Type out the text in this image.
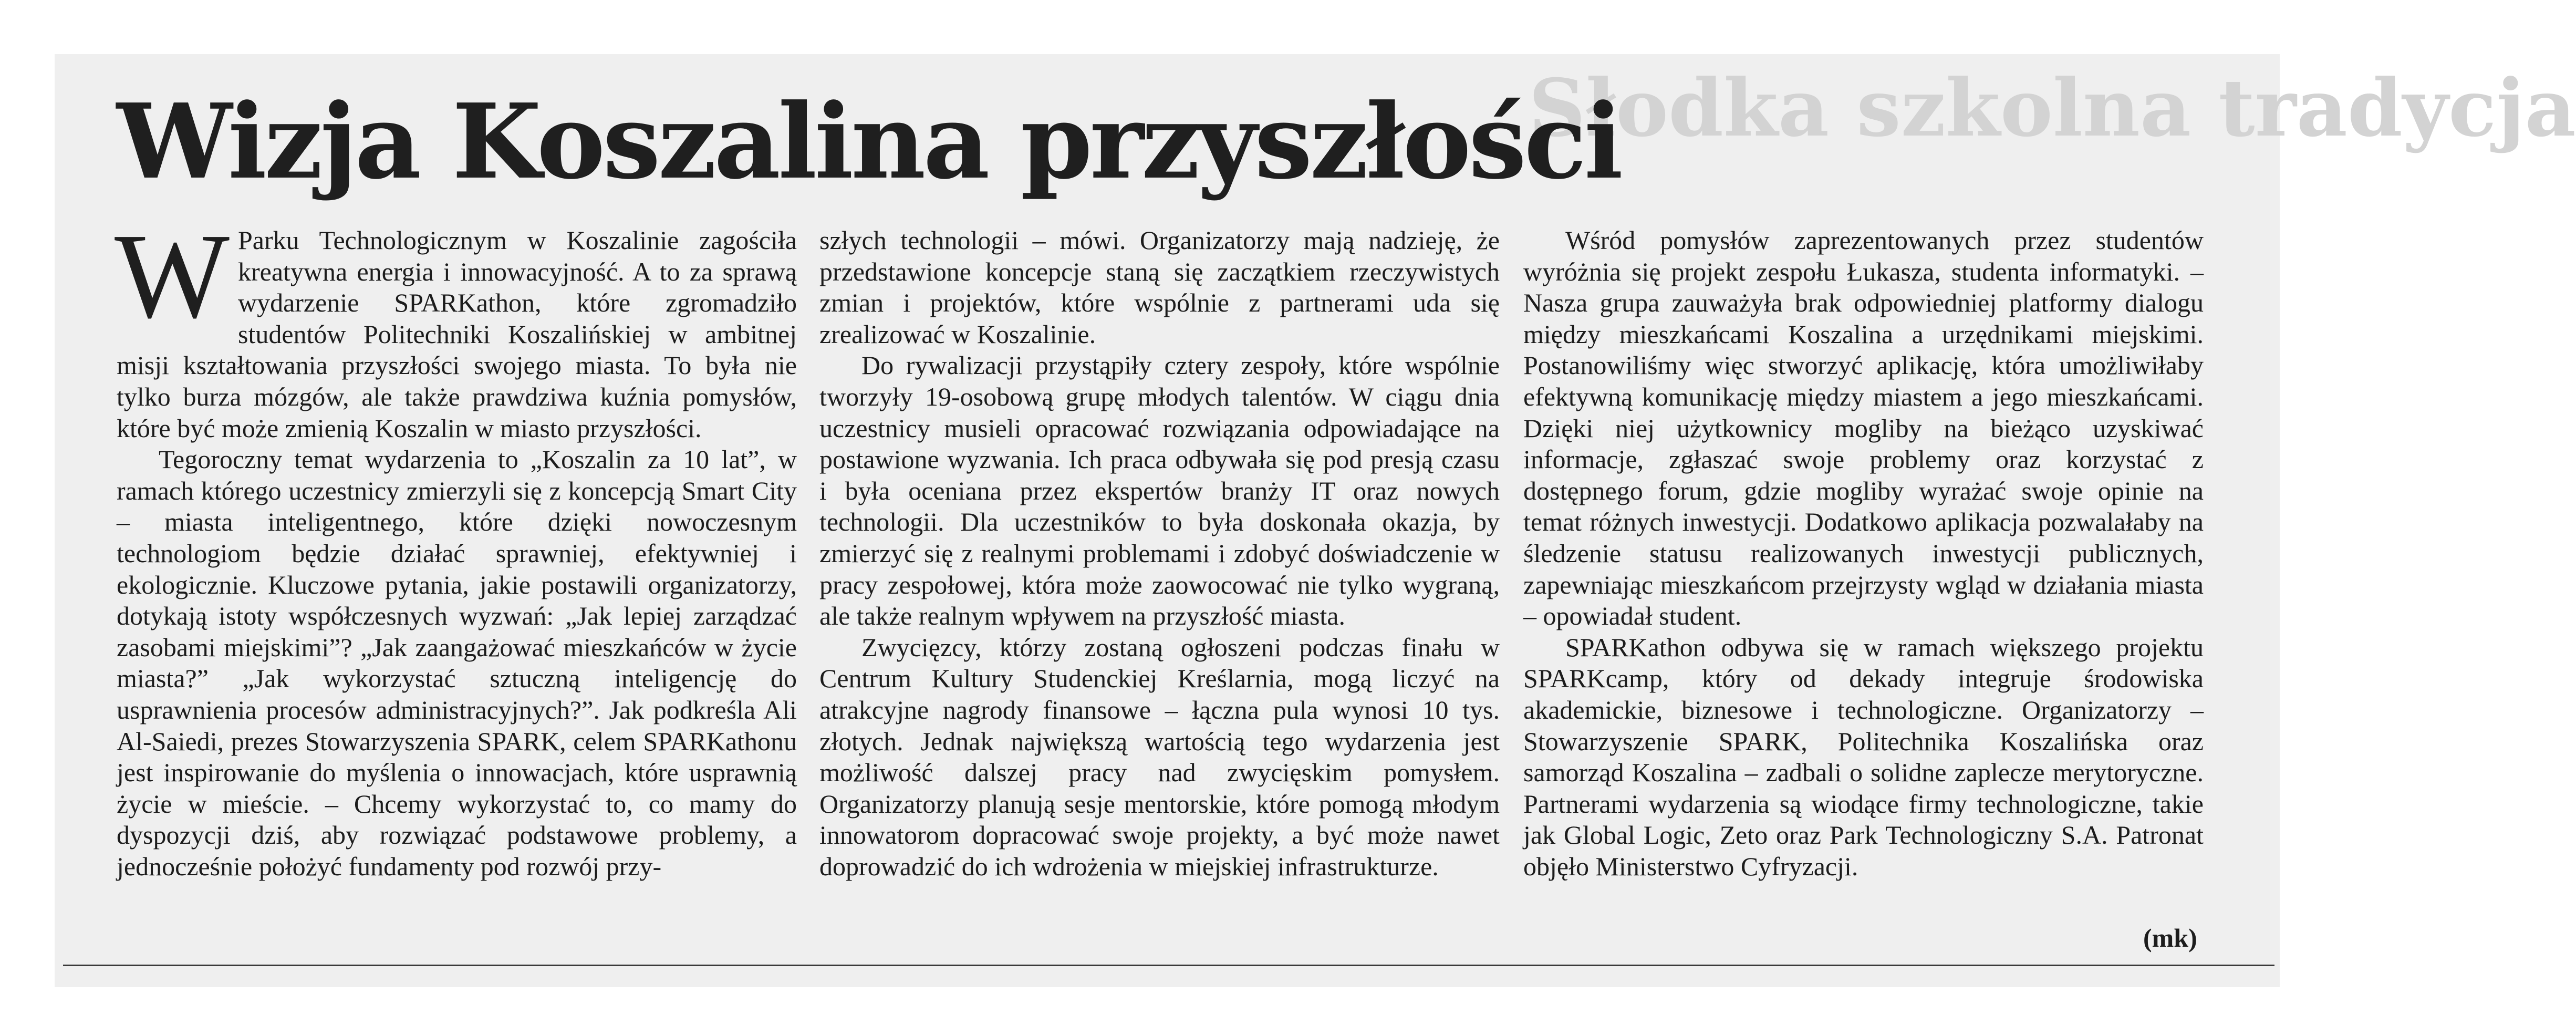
Słodka szkolna tradycja
Wizja Koszalina przyszłości

W Parku Technologicznym w Koszalinie zagościła kreatywna energia i innowacyjność. A to za sprawą wydarzenie SPARKathon, które zgromadziło studentów Politechniki Koszalińskiej w ambitnej misji kształtowania przyszłości swojego miasta. To była nie tylko burza mózgów, ale także prawdziwa kuźnia pomysłów, które być może zmienią Koszalin w miasto przyszłości.

Tegoroczny temat wydarzenia to „Koszalin za 10 lat”, w ramach którego uczestnicy zmierzyli się z koncepcją Smart City – miasta inteligentnego, które dzięki nowoczesnym technologiom będzie działać sprawniej, efektywniej i ekologicznie. Kluczowe pytania, jakie postawili organizatorzy, dotykają istoty współczesnych wyzwań: „Jak lepiej zarządzać zasobami miejskimi”? „Jak zaangażować mieszkańców w życie miasta?” „Jak wykorzystać sztuczną inteligencję do usprawnienia procesów administracyjnych?”. Jak podkreśla Ali Al-Saiedi, prezes Stowarzyszenia SPARK, celem SPARKathonu jest inspirowanie do myślenia o innowacjach, które usprawnią życie w mieście. – Chcemy wykorzystać to, co mamy do dyspozycji dziś, aby rozwiązać podstawowe problemy, a jednocześnie położyć fundamenty pod rozwój przy-

szłych technologii – mówi. Organizatorzy mają nadzieję, że przedstawione koncepcje staną się zaczątkiem rzeczywistych zmian i projektów, które wspólnie z partnerami uda się zrealizować w Koszalinie.

Do rywalizacji przystąpiły cztery zespoły, które wspólnie tworzyły 19-osobową grupę młodych talentów. W ciągu dnia uczestnicy musieli opracować rozwiązania odpowiadające na postawione wyzwania. Ich praca odbywała się pod presją czasu i była oceniana przez ekspertów branży IT oraz nowych technologii. Dla uczestników to była doskonała okazja, by zmierzyć się z realnymi problemami i zdobyć doświadczenie w pracy zespołowej, która może zaowocować nie tylko wygraną, ale także realnym wpływem na przyszłość miasta.

Zwycięzcy, którzy zostaną ogłoszeni podczas finału w Centrum Kultury Studenckiej Kreślarnia, mogą liczyć na atrakcyjne nagrody finansowe – łączna pula wynosi 10 tys. złotych. Jednak największą wartością tego wydarzenia jest możliwość dalszej pracy nad zwycięskim pomysłem. Organizatorzy planują sesje mentorskie, które pomogą młodym innowatorom dopracować swoje projekty, a być może nawet doprowadzić do ich wdrożenia w miejskiej infrastrukturze.

Wśród pomysłów zaprezentowanych przez studentów wyróżnia się projekt zespołu Łukasza, studenta informatyki. – Nasza grupa zauważyła brak odpowiedniej platformy dialogu między mieszkańcami Koszalina a urzędnikami miejskimi. Postanowiliśmy więc stworzyć aplikację, która umożliwiłaby efektywną komunikację między miastem a jego mieszkańcami. Dzięki niej użytkownicy mogliby na bieżąco uzyskiwać informacje, zgłaszać swoje problemy oraz korzystać z dostępnego forum, gdzie mogliby wyrażać swoje opinie na temat różnych inwestycji. Dodatkowo aplikacja pozwalałaby na śledzenie statusu realizowanych inwestycji publicznych, zapewniając mieszkańcom przejrzysty wgląd w działania miasta – opowiadał student.

SPARKathon odbywa się w ramach większego projektu SPARKcamp, który od dekady integruje środowiska akademickie, biznesowe i technologiczne. Organizatorzy – Stowarzyszenie SPARK, Politechnika Koszalińska oraz samorząd Koszalina – zadbali o solidne zaplecze merytoryczne. Partnerami wydarzenia są wiodące firmy technologiczne, takie jak Global Logic, Zeto oraz Park Technologiczny S.A. Patronat objęło Ministerstwo Cyfryzacji.

(mk)
